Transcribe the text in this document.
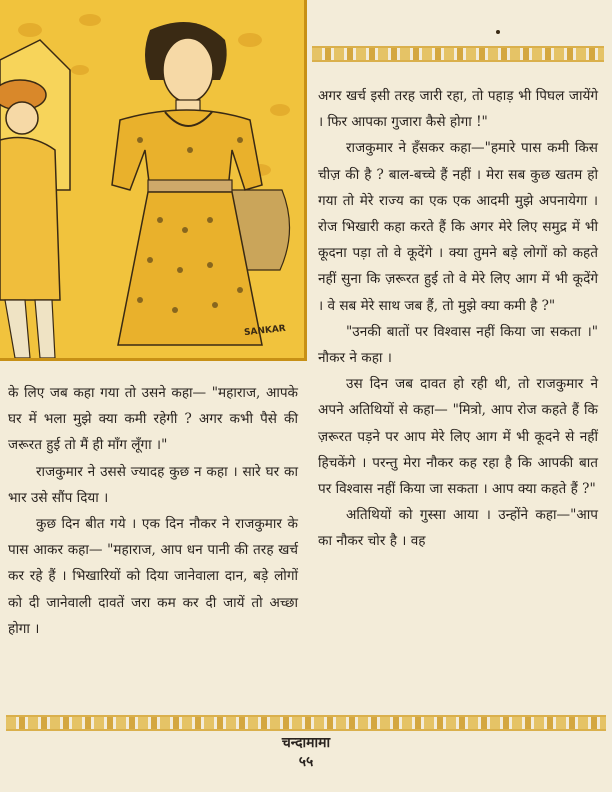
SANKAR

के लिए जब कहा गया तो उसने कहा— "महाराज, आपके घर में भला मुझे क्या कमी रहेगी ? अगर कभी पैसे की जरूरत हुई तो मैं ही माँग लूँगा ।"

राजकुमार ने उससे ज्यादह कुछ न कहा । सारे घर का भार उसे सौंप दिया ।

कुछ दिन बीत गये । एक दिन नौकर ने राजकुमार के पास आकर कहा— "महाराज, आप धन पानी की तरह खर्च कर रहे हैं । भिखारियों को दिया जानेवाला दान, बड़े लोगों को दी जानेवाली दावतें जरा कम कर दी जायें तो अच्छा होगा ।

अगर खर्च इसी तरह जारी रहा, तो पहाड़ भी पिघल जायेंगे । फिर आपका गुजारा कैसे होगा !"

राजकुमार ने हँसकर कहा—"हमारे पास कमी किस चीज़ की है ? बाल-बच्चे हैं नहीं । मेरा सब कुछ खतम हो गया तो मेरे राज्य का एक एक आदमी मुझे अपनायेगा । रोज भिखारी कहा करते हैं कि अगर मेरे लिए समुद्र में भी कूदना पड़ा तो वे कूदेंगे । क्या तुमने बड़े लोगों को कहते नहीं सुना कि ज़रूरत हुई तो वे मेरे लिए आग में भी कूदेंगे । वे सब मेरे साथ जब हैं, तो मुझे क्या कमी है ?"

"उनकी बातों पर विश्वास नहीं किया जा सकता ।" नौकर ने कहा ।

उस दिन जब दावत हो रही थी, तो राजकुमार ने अपने अतिथियों से कहा— "मित्रो, आप रोज कहते हैं कि ज़रूरत पड़ने पर आप मेरे लिए आग में भी कूदने से नहीं हिचकेंगे । परन्तु मेरा नौकर कह रहा है कि आपकी बात पर विश्वास नहीं किया जा सकता । आप क्या कहते हैं ?"

अतिथियों को गुस्सा आया । उन्होंने कहा—"आप का नौकर चोर है । वह

चन्दामामा
५५
